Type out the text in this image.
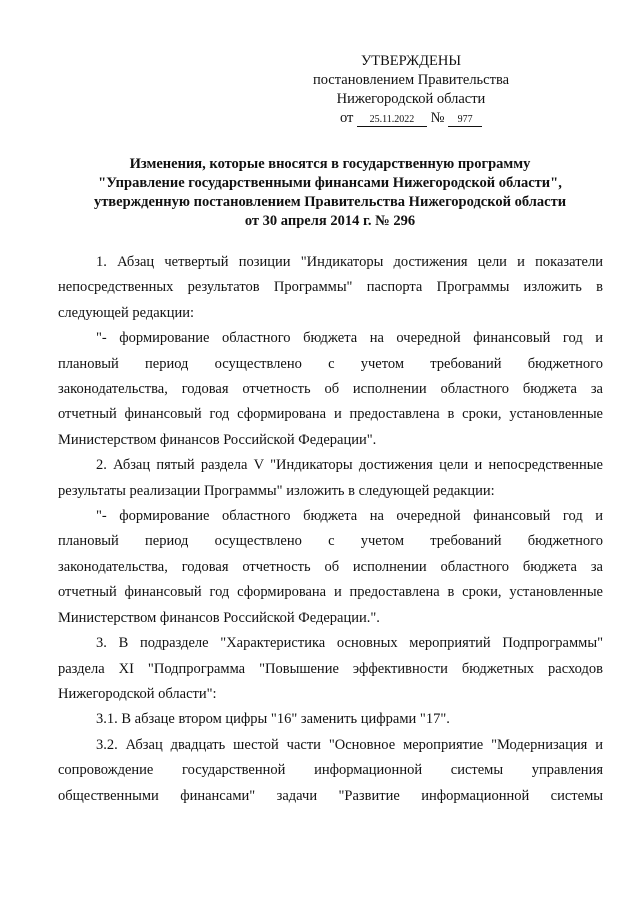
УТВЕРЖДЕНЫ
постановлением Правительства
Нижегородской области
от 25.11.2022 № 977
Изменения, которые вносятся в государственную программу
"Управление государственными финансами Нижегородской области",
утвержденную постановлением Правительства Нижегородской области
от 30 апреля 2014 г. № 296
1. Абзац четвертый позиции "Индикаторы достижения цели и показатели
непосредственных результатов Программы" паспорта Программы изложить в
следующей редакции:
"- формирование областного бюджета на очередной финансовый год и
плановый период осуществлено с учетом требований бюджетного
законодательства, годовая отчетность об исполнении областного бюджета за
отчетный финансовый год сформирована и предоставлена в сроки, установленные
Министерством финансов Российской Федерации".
2. Абзац пятый раздела V "Индикаторы достижения цели и непосредственные
результаты реализации Программы" изложить в следующей редакции:
"- формирование областного бюджета на очередной финансовый год и
плановый период осуществлено с учетом требований бюджетного
законодательства, годовая отчетность об исполнении областного бюджета за
отчетный финансовый год сформирована и предоставлена в сроки, установленные
Министерством финансов Российской Федерации.".
3. В подразделе "Характеристика основных мероприятий Подпрограммы"
раздела XI "Подпрограмма "Повышение эффективности бюджетных расходов
Нижегородской области":
3.1. В абзаце втором цифры "16" заменить цифрами "17".
3.2. Абзац двадцать шестой части "Основное мероприятие "Модернизация и
сопровождение государственной информационной системы управления
общественными финансами" задачи "Развитие информационной системы
